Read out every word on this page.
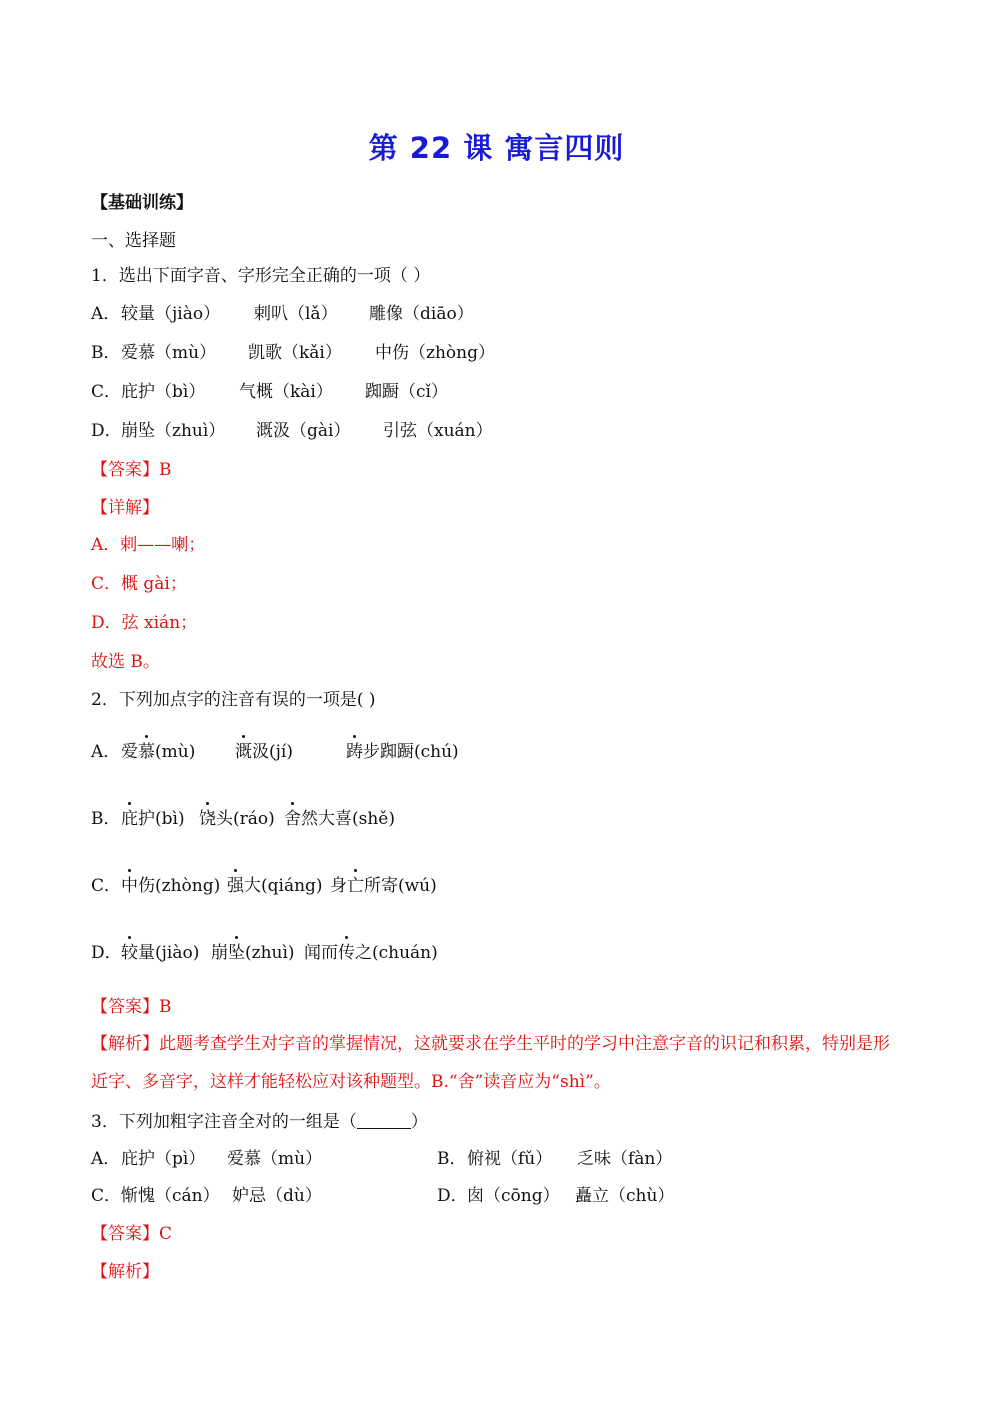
第 22 课 寓言四则
【基础训练】
一、选择题
1．选出下面字音、字形完全正确的一项（ ）
A． 较量（jiào） 剌叭（lǎ） 雕像（diāo）
B． 爱慕（mù） 凯歌（kǎi） 中伤（zhòng）
C． 庇护（bì） 气概（kài） 踟蹰（cǐ）
D． 崩坠（zhuì） 溉汲（gài） 引弦（xuán）
【答案】B
【详解】
A．剌——喇；
C．概 gài；
D．弦 xián；
故选 B。
2．下列加点字的注音有误的一项是( )
A． 爱慕(mù) 溉汲(jí)	踌步踟蹰(chú)
B． 庇护(bì) 饶头(ráo) 舍然大喜(shě)
C． 中伤(zhòng) 强大(qiáng) 身亡所寄(wú)
D． 较量(jiào) 崩坠(zhuì) 闻而传之(chuán)
【答案】B
【解析】此题考查学生对字音的掌握情况，这就要求在学生平时的学习中注意字音的识记和积累，特别是形近字、多音字，这样才能轻松应对该种题型。B.“舍”读音应为“shì”。
3．下列加粗字注音全对的一组是（	）
A． 庇护（pì） 爱慕（mù）	B． 俯视（fǔ） 乏味（fàn）
C． 惭愧（cán） 妒忌（dù）	D． 囱（cōng） 矗立（chù）
【答案】C
【解析】
